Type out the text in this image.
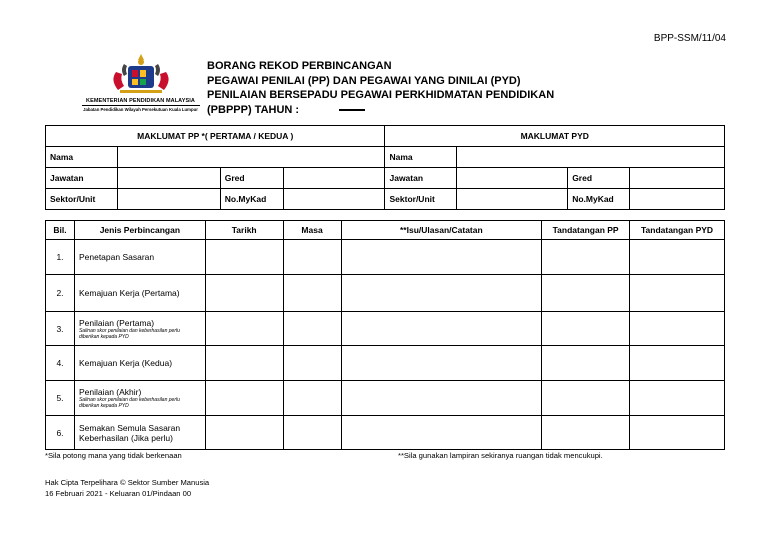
BPP-SSM/11/04
KEMENTERIAN PENDIDIKAN MALAYSIA
Jabatan Pendidikan Wilayah Persekutuan Kuala Lumpur
BORANG REKOD PERBINCANGAN
PEGAWAI PENILAI (PP) DAN PEGAWAI YANG DINILAI (PYD)
PENILAIAN BERSEPADU PEGAWAI PERKHIDMATAN PENDIDIKAN
(PBPPP) TAHUN :
MAKLUMAT PP *( PERTAMA / KEDUA )				MAKLUMAT PYD			
Nama				Nama			
Jawatan		Gred		Jawatan		Gred	
Sektor/Unit		No.MyKad		Sektor/Unit		No.MyKad	
Bil.	Jenis Perbincangan	Tarikh	Masa	**Isu/Ulasan/Catatan	Tandatangan PP	Tandatangan PYD
1.	Penetapan Sasaran					
2.	Kemajuan Kerja (Pertama)					
3.	Penilaian (Pertama)
Salinan skor penilaian dan keberhasilan perlu diberikan kepada PYD					

4.	Kemajuan Kerja (Kedua)					
5.	Penilaian (Akhir)
Salinan skor penilaian dan keberhasilan perlu diberikan kepada PYD					

6.	Semakan Semula Sasaran Keberhasilan (Jika perlu)					
*Sila potong mana yang tidak berkenaan	**Sila gunakan lampiran sekiranya ruangan tidak mencukupi.
Hak Cipta Terpelihara © Sektor Sumber Manusia
16 Februari 2021 - Keluaran 01/Pindaan 00
